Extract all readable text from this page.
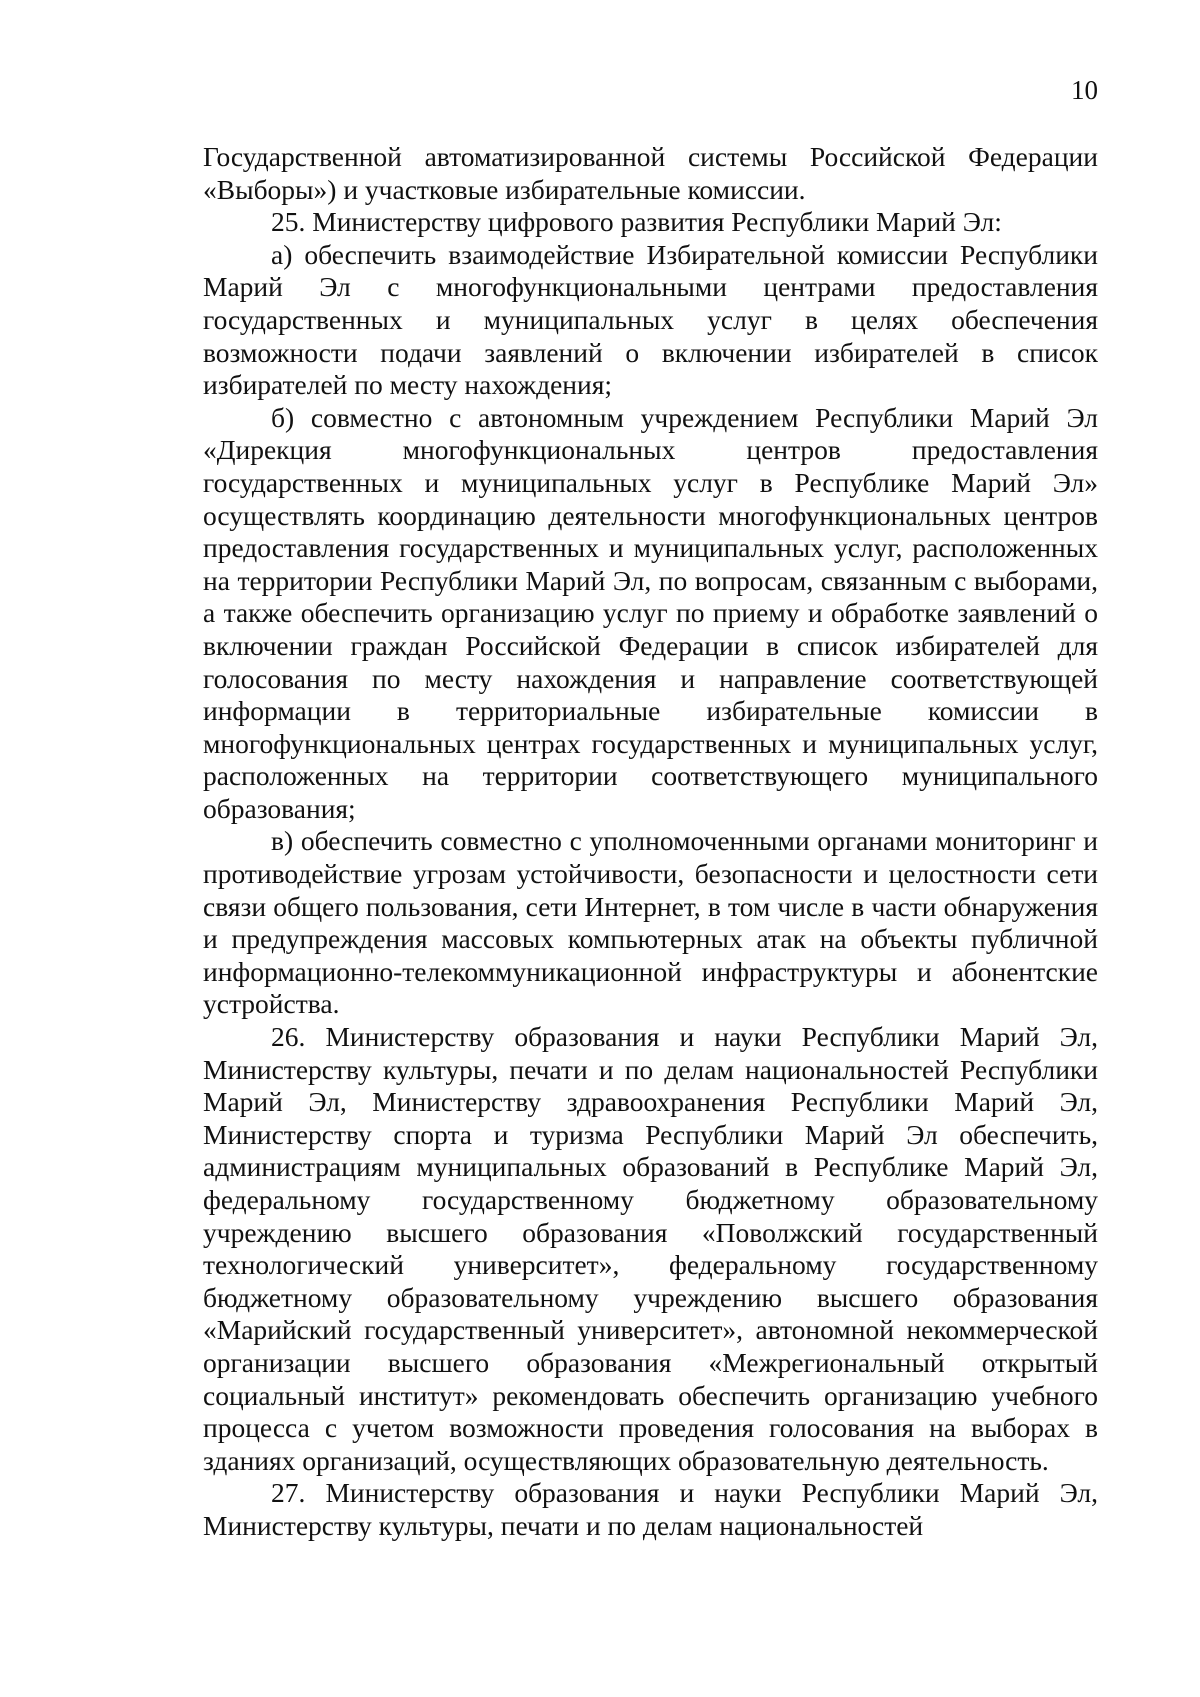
10

Государственной автоматизированной системы Российской Федерации «Выборы») и участковые избирательные комиссии.

25. Министерству цифрового развития Республики Марий Эл:

а) обеспечить взаимодействие Избирательной комиссии Республики Марий Эл с многофункциональными центрами предоставления государственных и муниципальных услуг в целях обеспечения возможности подачи заявлений о включении избирателей в список избирателей по месту нахождения;

б) совместно с автономным учреждением Республики Марий Эл «Дирекция многофункциональных центров предоставления государственных и муниципальных услуг в Республике Марий Эл» осуществлять координацию деятельности многофункциональных центров предоставления государственных и муниципальных услуг, расположенных на территории Республики Марий Эл, по вопросам, связанным с выборами, а также обеспечить организацию услуг по приему и обработке заявлений о включении граждан Российской Федерации в список избирателей для голосования по месту нахождения и направление соответствующей информации в территориальные избирательные комиссии в многофункциональных центрах государственных и муниципальных услуг, расположенных на территории соответствующего муниципального образования;

в) обеспечить совместно с уполномоченными органами мониторинг и противодействие угрозам устойчивости, безопасности и целостности сети связи общего пользования, сети Интернет, в том числе в части обнаружения и предупреждения массовых компьютерных атак на объекты публичной информационно-телекоммуникационной инфраструктуры и абонентские устройства.

26. Министерству образования и науки Республики Марий Эл, Министерству культуры, печати и по делам национальностей Республики Марий Эл, Министерству здравоохранения Республики Марий Эл, Министерству спорта и туризма Республики Марий Эл обеспечить, администрациям муниципальных образований в Республике Марий Эл, федеральному государственному бюджетному образовательному учреждению высшего образования «Поволжский государственный технологический университет», федеральному государственному бюджетному образовательному учреждению высшего образования «Марийский государственный университет», автономной некоммерческой организации высшего образования «Межрегиональный открытый социальный институт» рекомендовать обеспечить организацию учебного процесса с учетом возможности проведения голосования на выборах в зданиях организаций, осуществляющих образовательную деятельность.

27. Министерству образования и науки Республики Марий Эл, Министерству культуры, печати и по делам национальностей
